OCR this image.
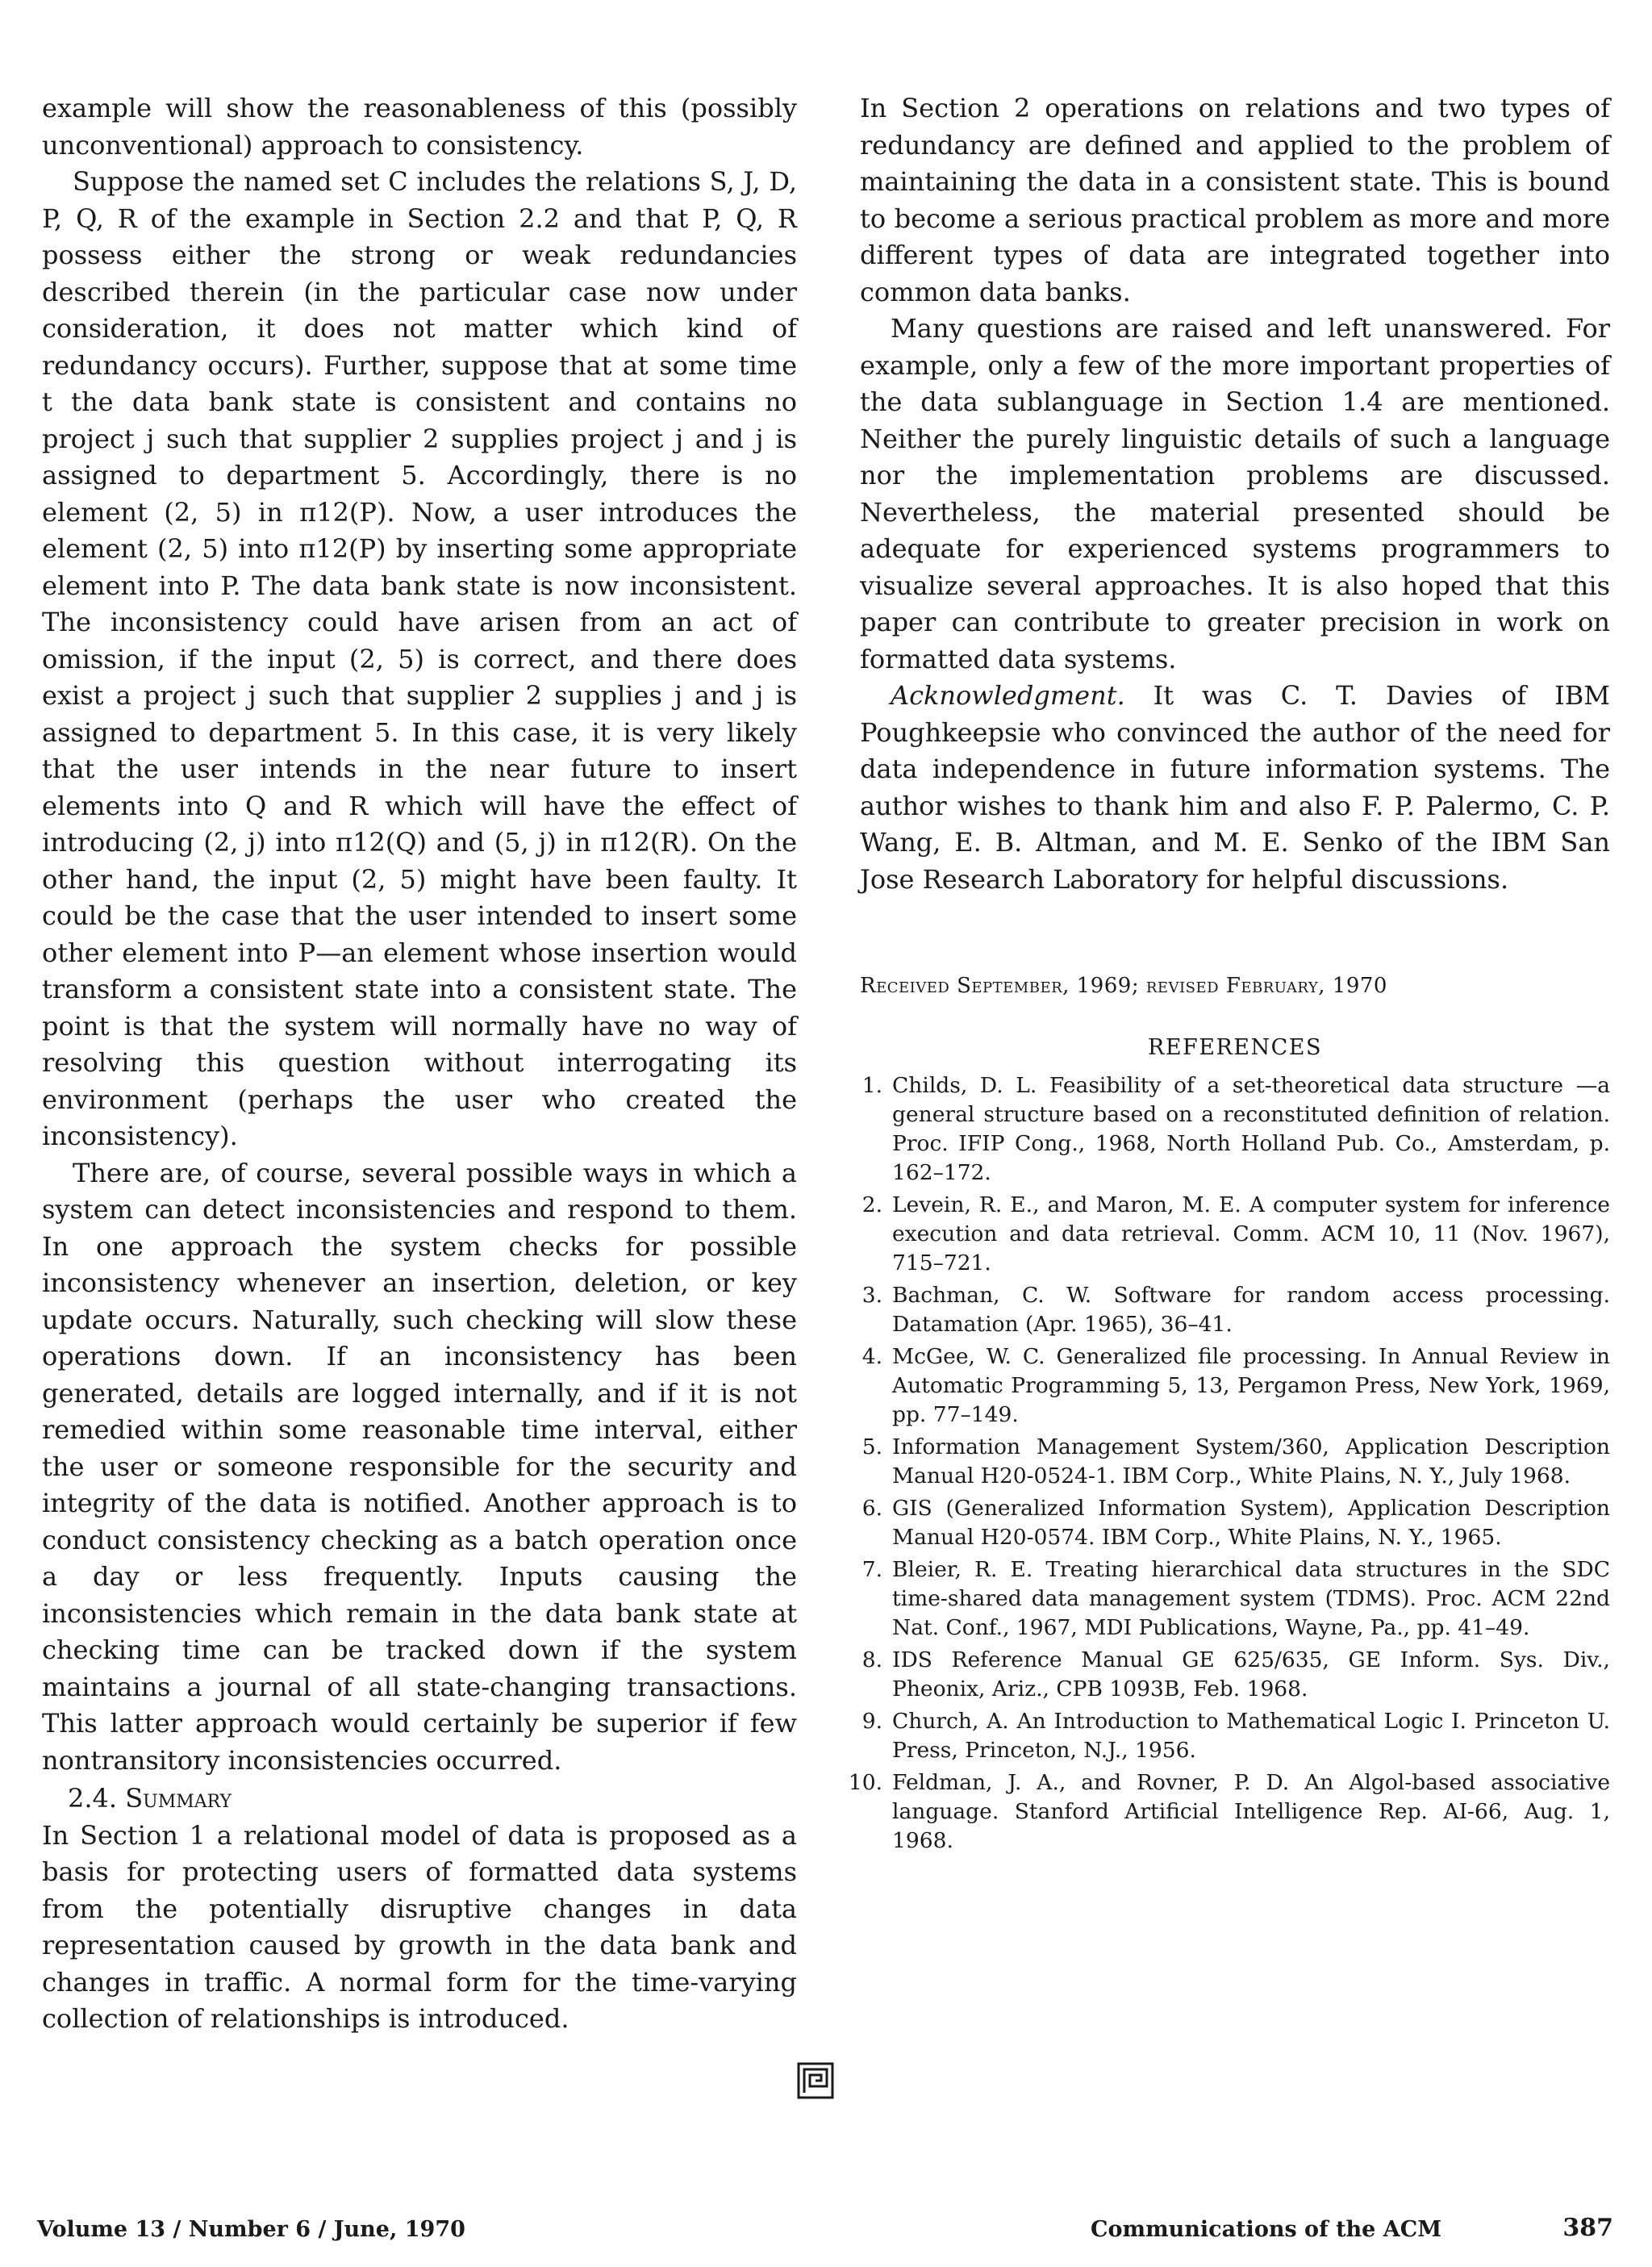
example will show the reasonableness of this (possibly unconventional) approach to consistency.

Suppose the named set C includes the relations S, J, D, P, Q, R of the example in Section 2.2 and that P, Q, R possess either the strong or weak redundancies described therein (in the particular case now under consideration, it does not matter which kind of redundancy occurs). Further, suppose that at some time t the data bank state is consistent and contains no project j such that supplier 2 supplies project j and j is assigned to department 5. Accordingly, there is no element (2, 5) in π12(P). Now, a user introduces the element (2, 5) into π12(P) by inserting some appropriate element into P. The data bank state is now inconsistent. The inconsistency could have arisen from an act of omission, if the input (2, 5) is correct, and there does exist a project j such that supplier 2 supplies j and j is assigned to department 5. In this case, it is very likely that the user intends in the near future to insert elements into Q and R which will have the effect of introducing (2, j) into π12(Q) and (5, j) in π12(R). On the other hand, the input (2, 5) might have been faulty. It could be the case that the user intended to insert some other element into P—an element whose insertion would transform a consistent state into a consistent state. The point is that the system will normally have no way of resolving this question without interrogating its environment (perhaps the user who created the inconsistency).

There are, of course, several possible ways in which a system can detect inconsistencies and respond to them. In one approach the system checks for possible inconsistency whenever an insertion, deletion, or key update occurs. Naturally, such checking will slow these operations down. If an inconsistency has been generated, details are logged internally, and if it is not remedied within some reasonable time interval, either the user or someone responsible for the security and integrity of the data is notified. Another approach is to conduct consistency checking as a batch operation once a day or less frequently. Inputs causing the inconsistencies which remain in the data bank state at checking time can be tracked down if the system maintains a journal of all state-changing transactions. This latter approach would certainly be superior if few nontransitory inconsistencies occurred.

2.4. Summary

In Section 1 a relational model of data is proposed as a basis for protecting users of formatted data systems from the potentially disruptive changes in data representation caused by growth in the data bank and changes in traffic. A normal form for the time-varying collection of relationships is introduced.

In Section 2 operations on relations and two types of redundancy are defined and applied to the problem of maintaining the data in a consistent state. This is bound to become a serious practical problem as more and more different types of data are integrated together into common data banks.

Many questions are raised and left unanswered. For example, only a few of the more important properties of the data sublanguage in Section 1.4 are mentioned. Neither the purely linguistic details of such a language nor the implementation problems are discussed. Nevertheless, the material presented should be adequate for experienced systems programmers to visualize several approaches. It is also hoped that this paper can contribute to greater precision in work on formatted data systems.

Acknowledgment. It was C. T. Davies of IBM Poughkeepsie who convinced the author of the need for data independence in future information systems. The author wishes to thank him and also F. P. Palermo, C. P. Wang, E. B. Altman, and M. E. Senko of the IBM San Jose Research Laboratory for helpful discussions.

Received September, 1969; revised February, 1970
REFERENCES
1. Childs, D. L. Feasibility of a set-theoretical data structure —a general structure based on a reconstituted definition of relation. Proc. IFIP Cong., 1968, North Holland Pub. Co., Amsterdam, p. 162–172.
2. Levein, R. E., and Maron, M. E. A computer system for inference execution and data retrieval. Comm. ACM 10, 11 (Nov. 1967), 715–721.
3. Bachman, C. W. Software for random access processing. Datamation (Apr. 1965), 36–41.
4. McGee, W. C. Generalized file processing. In Annual Review in Automatic Programming 5, 13, Pergamon Press, New York, 1969, pp. 77–149.
5. Information Management System/360, Application Description Manual H20-0524-1. IBM Corp., White Plains, N. Y., July 1968.
6. GIS (Generalized Information System), Application Description Manual H20-0574. IBM Corp., White Plains, N. Y., 1965.
7. Bleier, R. E. Treating hierarchical data structures in the SDC time-shared data management system (TDMS). Proc. ACM 22nd Nat. Conf., 1967, MDI Publications, Wayne, Pa., pp. 41–49.
8. IDS Reference Manual GE 625/635, GE Inform. Sys. Div., Pheonix, Ariz., CPB 1093B, Feb. 1968.
9. Church, A. An Introduction to Mathematical Logic I. Princeton U. Press, Princeton, N.J., 1956.
10. Feldman, J. A., and Rovner, P. D. An Algol-based associative language. Stanford Artificial Intelligence Rep. AI-66, Aug. 1, 1968.
Volume 13 / Number 6 / June, 1970	Communications of the ACM	387
